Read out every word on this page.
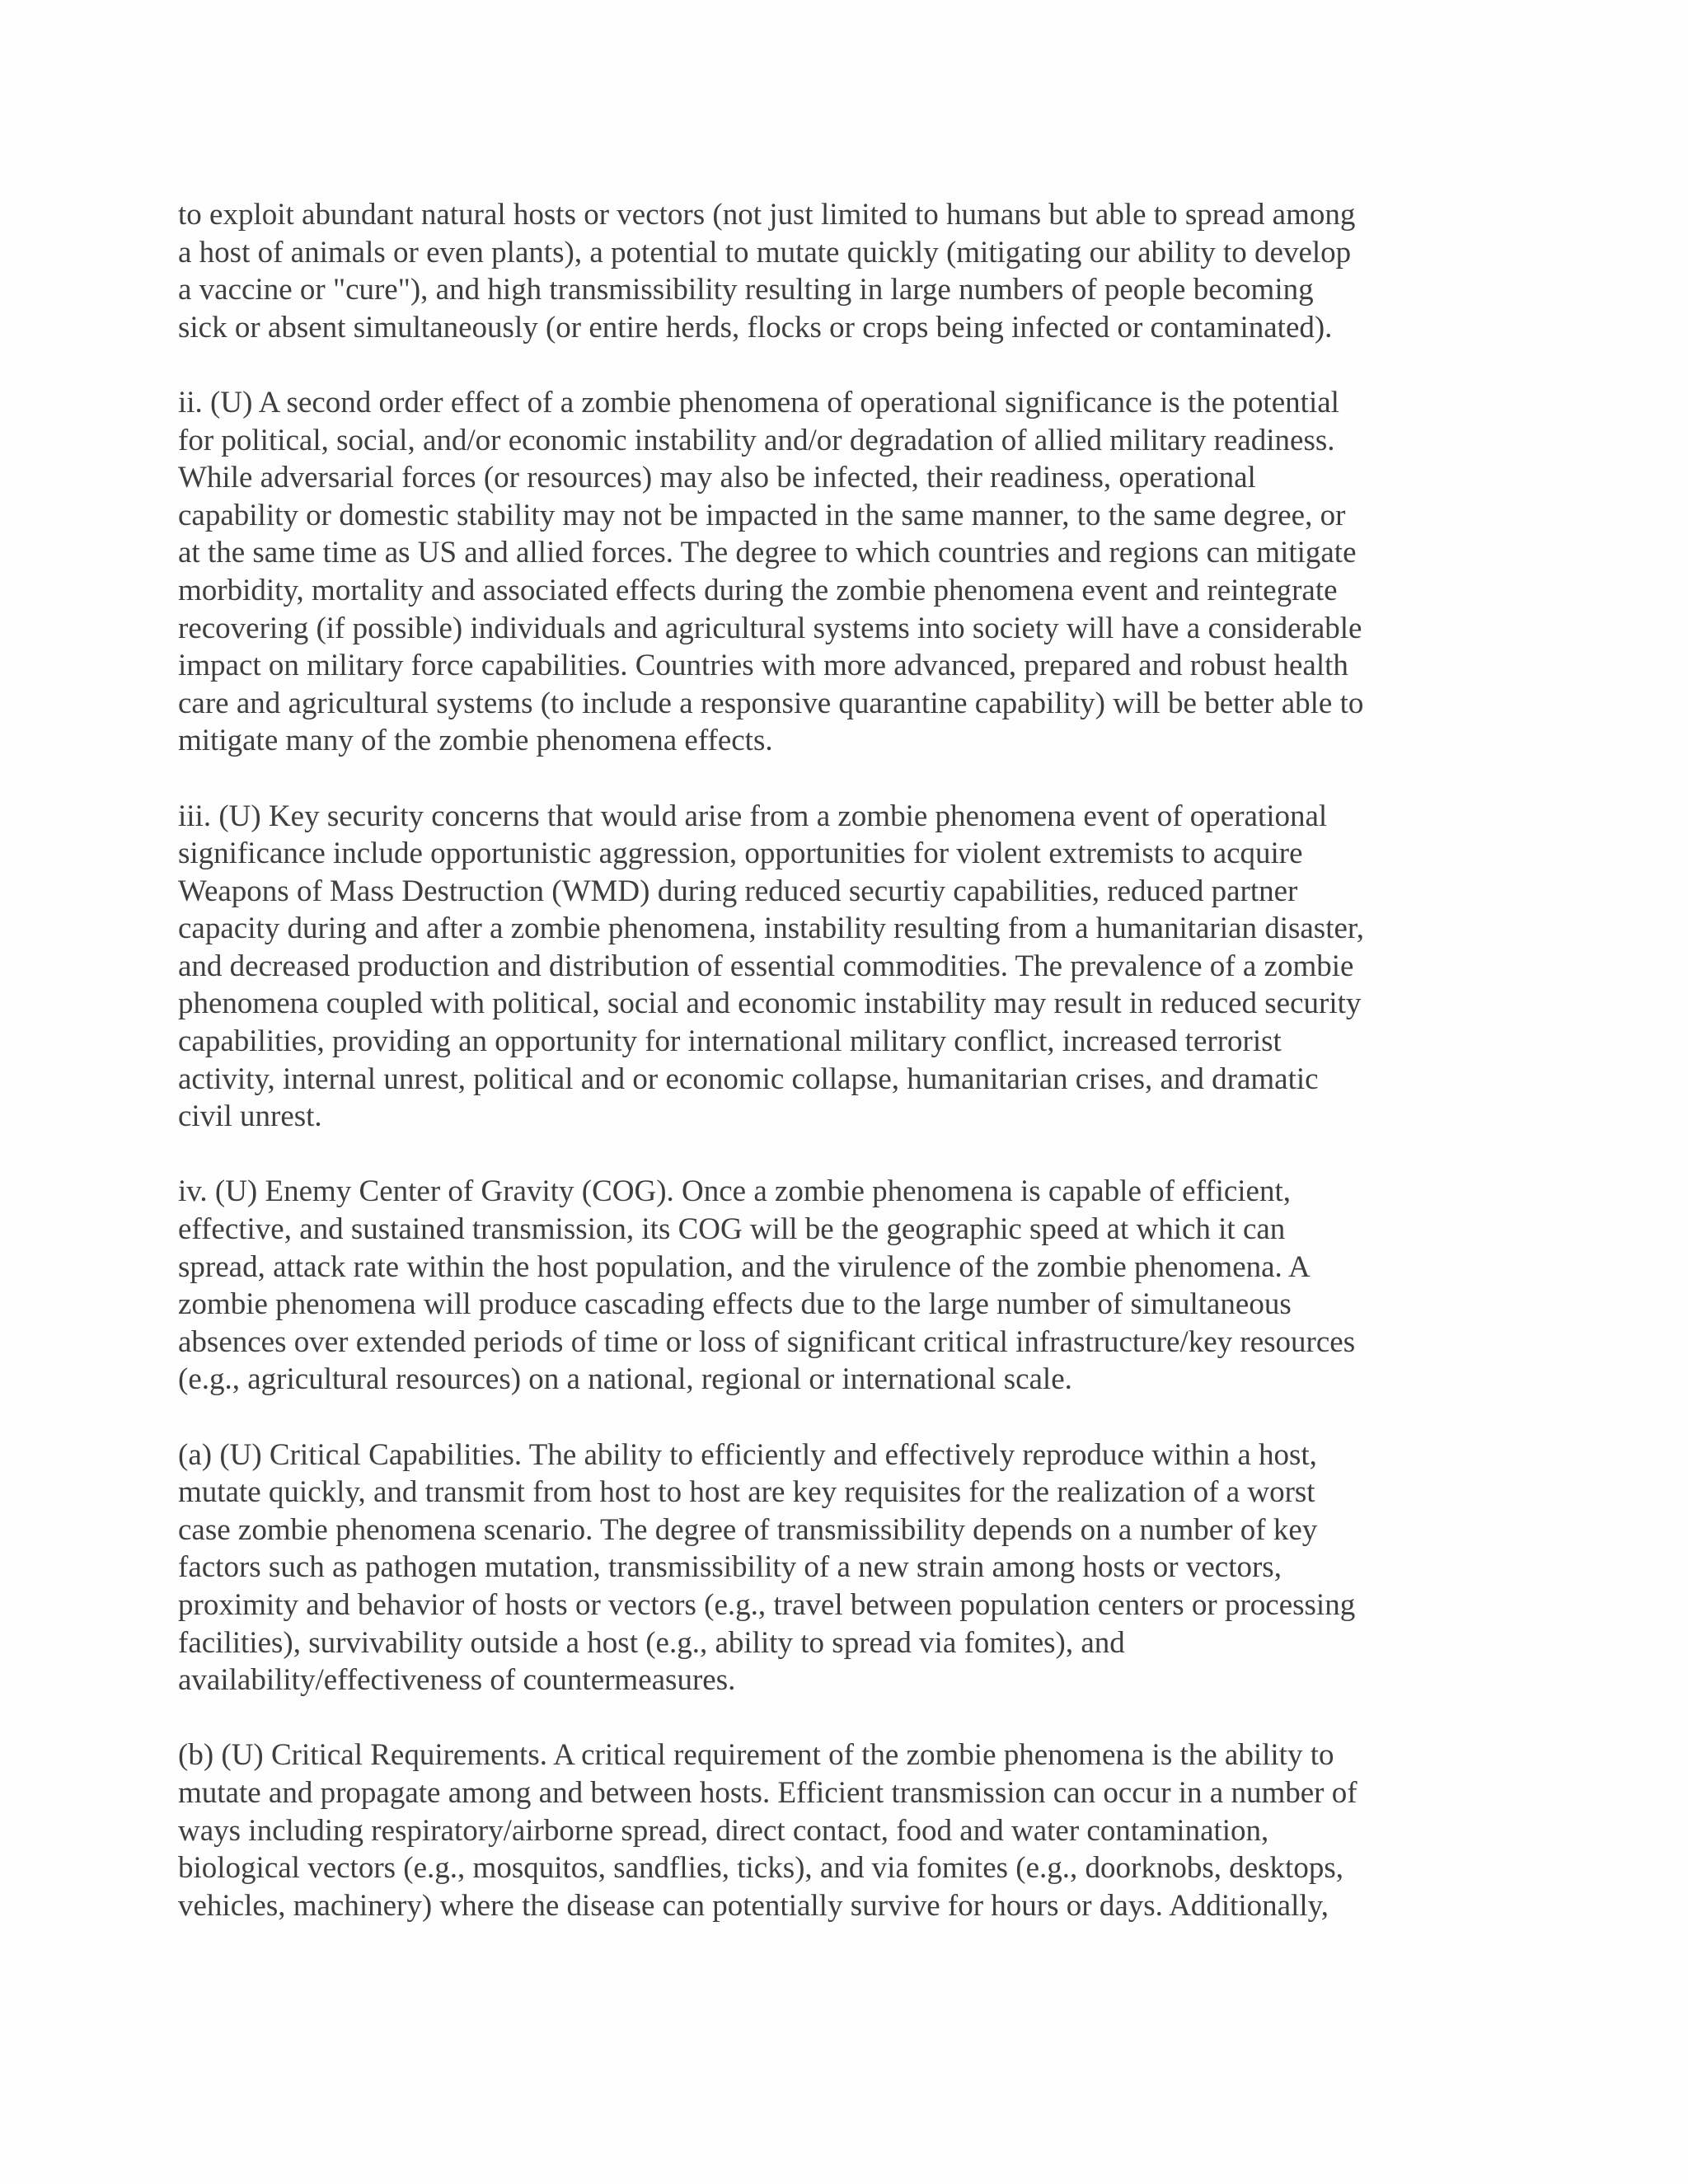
to exploit abundant natural hosts or vectors (not just limited to humans but able to spread among
a host of animals or even plants), a potential to mutate quickly (mitigating our ability to develop
a vaccine or "cure"), and high transmissibility resulting in large numbers of people becoming
sick or absent simultaneously (or entire herds, flocks or crops being infected or contaminated).
ii. (U) A second order effect of a zombie phenomena of operational significance is the potential
for political, social, and/or economic instability and/or degradation of allied military readiness.
While adversarial forces (or resources) may also be infected, their readiness, operational
capability or domestic stability may not be impacted in the same manner, to the same degree, or
at the same time as US and allied forces. The degree to which countries and regions can mitigate
morbidity, mortality and associated effects during the zombie phenomena event and reintegrate
recovering (if possible) individuals and agricultural systems into society will have a considerable
impact on military force capabilities. Countries with more advanced, prepared and robust health
care and agricultural systems (to include a responsive quarantine capability) will be better able to
mitigate many of the zombie phenomena effects.
iii. (U) Key security concerns that would arise from a zombie phenomena event of operational
significance include opportunistic aggression, opportunities for violent extremists to acquire
Weapons of Mass Destruction (WMD) during reduced securtiy capabilities, reduced partner
capacity during and after a zombie phenomena, instability resulting from a humanitarian disaster,
and decreased production and distribution of essential commodities. The prevalence of a zombie
phenomena coupled with political, social and economic instability may result in reduced security
capabilities, providing an opportunity for international military conflict, increased terrorist
activity, internal unrest, political and or economic collapse, humanitarian crises, and dramatic
civil unrest.
iv. (U) Enemy Center of Gravity (COG). Once a zombie phenomena is capable of efficient,
effective, and sustained transmission, its COG will be the geographic speed at which it can
spread, attack rate within the host population, and the virulence of the zombie phenomena. A
zombie phenomena will produce cascading effects due to the large number of simultaneous
absences over extended periods of time or loss of significant critical infrastructure/key resources
(e.g., agricultural resources) on a national, regional or international scale.
(a) (U) Critical Capabilities. The ability to efficiently and effectively reproduce within a host,
mutate quickly, and transmit from host to host are key requisites for the realization of a worst
case zombie phenomena scenario. The degree of transmissibility depends on a number of key
factors such as pathogen mutation, transmissibility of a new strain among hosts or vectors,
proximity and behavior of hosts or vectors (e.g., travel between population centers or processing
facilities), survivability outside a host (e.g., ability to spread via fomites), and
availability/effectiveness of countermeasures.
(b) (U) Critical Requirements. A critical requirement of the zombie phenomena is the ability to
mutate and propagate among and between hosts. Efficient transmission can occur in a number of
ways including respiratory/airborne spread, direct contact, food and water contamination,
biological vectors (e.g., mosquitos, sandflies, ticks), and via fomites (e.g., doorknobs, desktops,
vehicles, machinery) where the disease can potentially survive for hours or days. Additionally,
